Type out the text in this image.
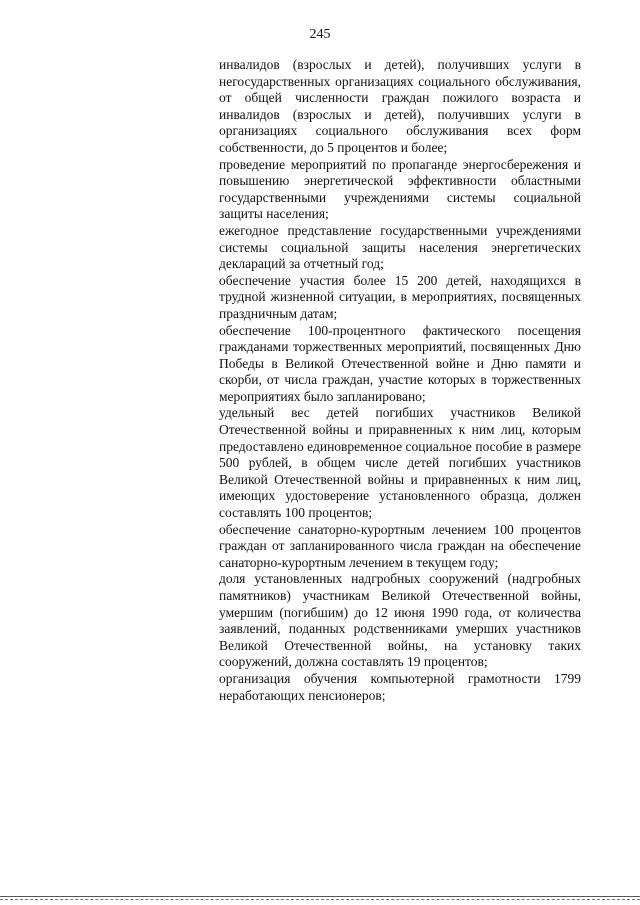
245

инвалидов (взрослых и детей), получивших услуги в негосударственных организациях социального обслуживания, от общей численности граждан пожилого возраста и инвалидов (взрослых и детей), получивших услуги в организациях социального обслуживания всех форм собственности, до 5 процентов и более;

проведение мероприятий по пропаганде энергосбережения и повышению энергетической эффективности областными государственными учреждениями системы социальной защиты населения;

ежегодное представление государственными учреждениями системы социальной защиты населения энергетических деклараций за отчетный год;

обеспечение участия более 15 200 детей, находящихся в трудной жизненной ситуации, в мероприятиях, посвященных праздничным датам;

обеспечение 100-процентного фактического посещения гражданами торжественных мероприятий, посвященных Дню Победы в Великой Отечественной войне и Дню памяти и скорби, от числа граждан, участие которых в торжественных мероприятиях было запланировано;

удельный вес детей погибших участников Великой Отечественной войны и приравненных к ним лиц, которым предоставлено единовременное социальное пособие в размере 500 рублей, в общем числе детей погибших участников Великой Отечественной войны и приравненных к ним лиц, имеющих удостоверение установленного образца, должен составлять 100 процентов;

обеспечение санаторно-курортным лечением 100 процентов граждан от запланированного числа граждан на обеспечение санаторно-курортным лечением в текущем году;

доля установленных надгробных сооружений (надгробных памятников) участникам Великой Отечественной войны, умершим (погибшим) до 12 июня 1990 года, от количества заявлений, поданных родственниками умерших участников Великой Отечественной войны, на установку таких сооружений, должна составлять 19 процентов;

организация обучения компьютерной грамотности 1799 неработающих пенсионеров;
